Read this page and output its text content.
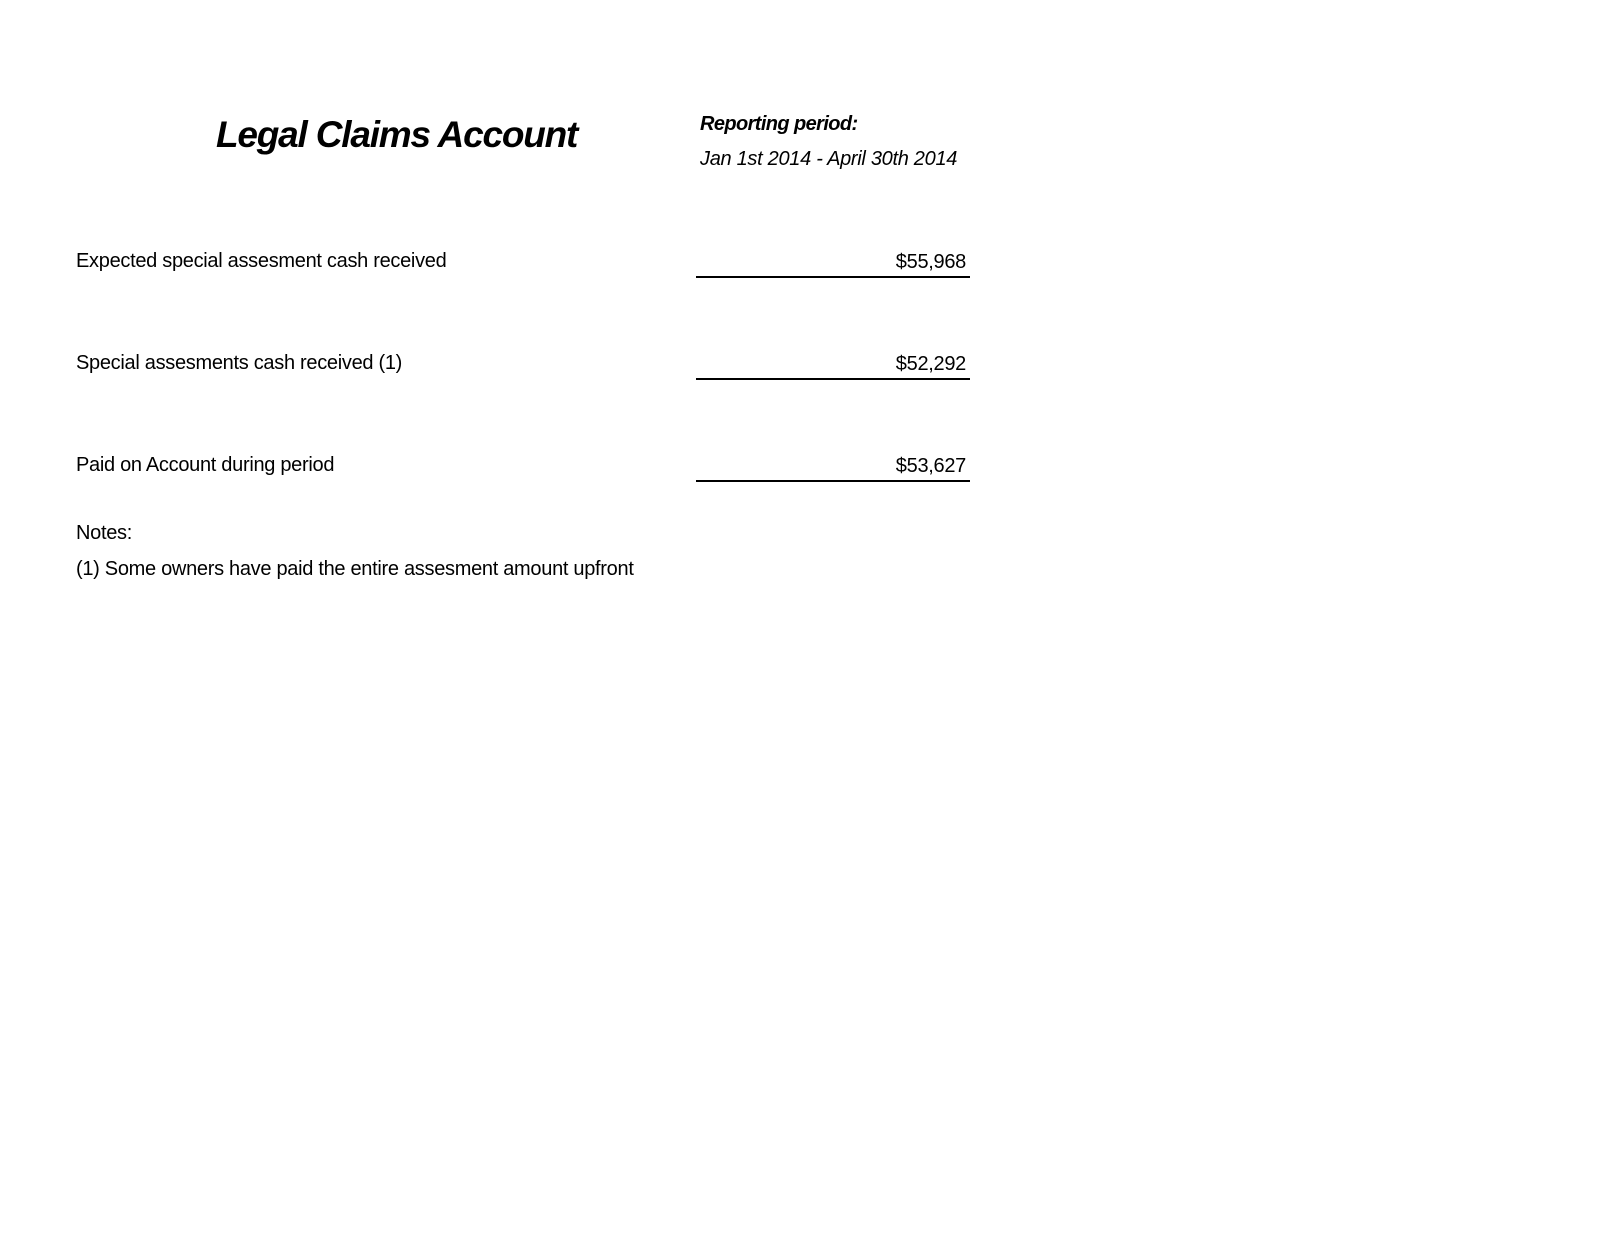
Legal Claims Account	Reporting period:
Jan 1st 2014 - April 30th 2014
Expected special assesment cash received	$55,968
Special assesments cash received (1)	$52,292
Paid on Account during period	$53,627
Notes:
(1) Some owners have paid the entire assesment amount upfront
